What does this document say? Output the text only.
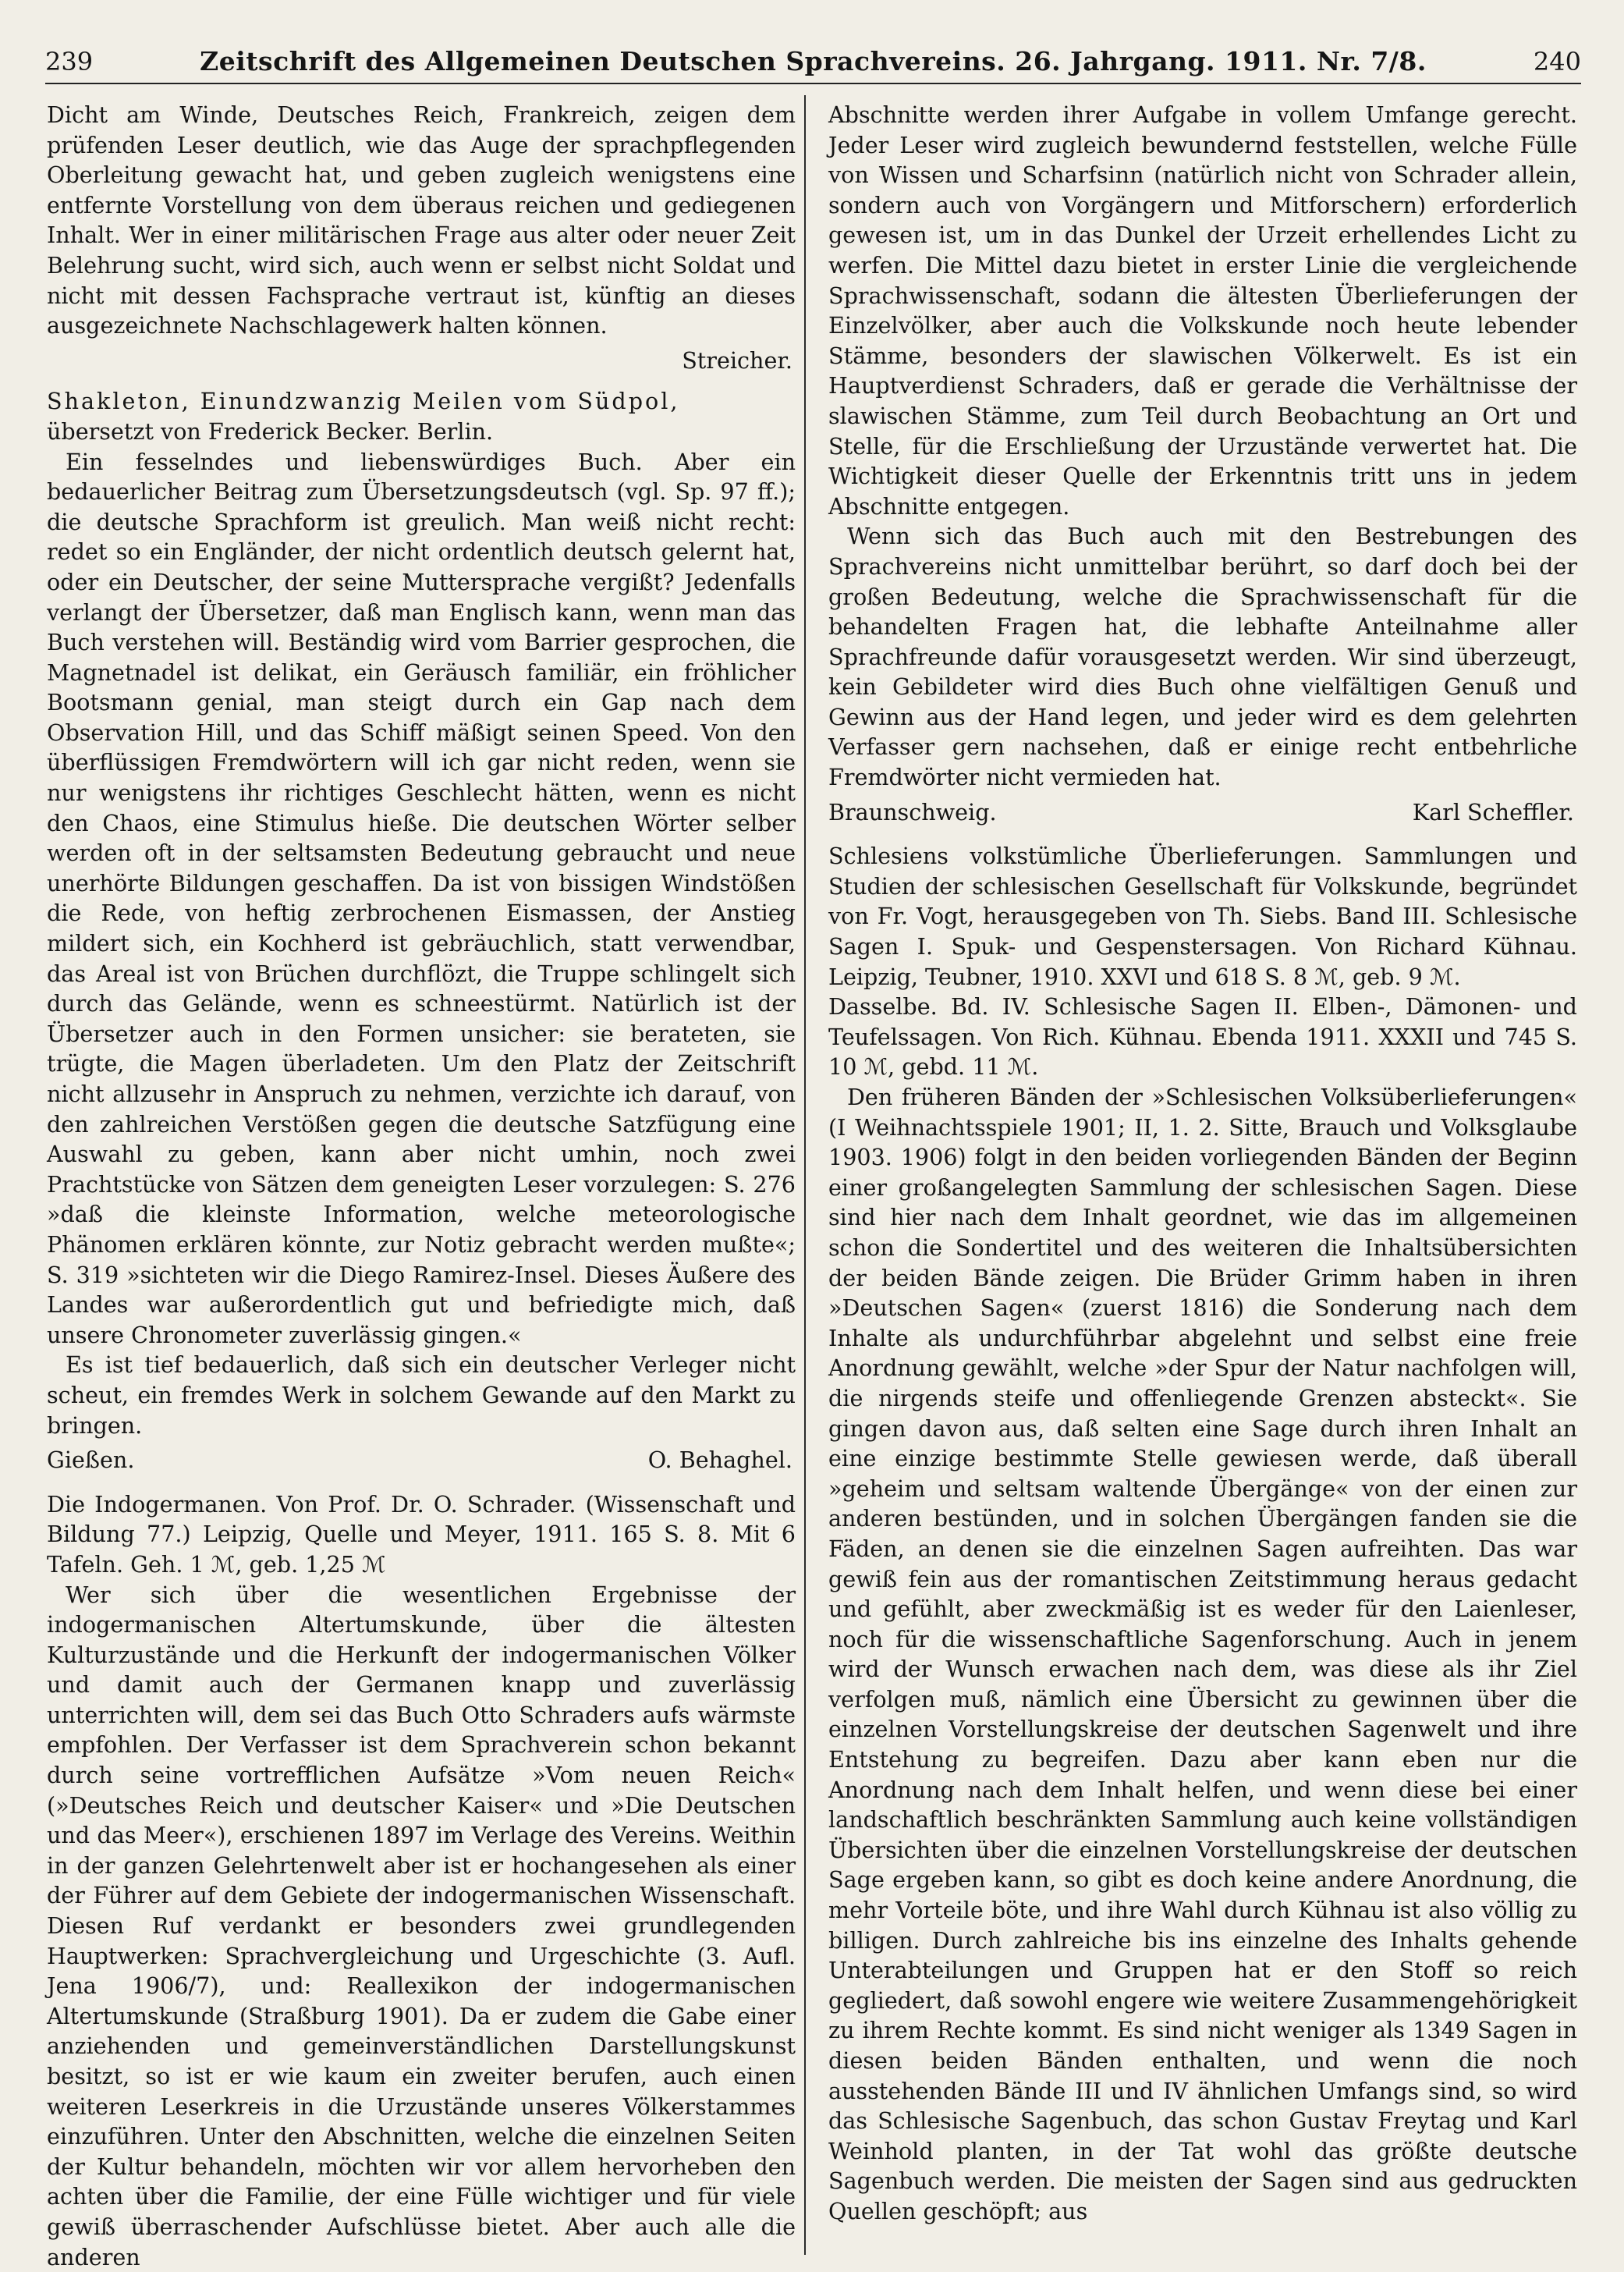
239	Zeitschrift des Allgemeinen Deutschen Sprachvereins. 26. Jahrgang. 1911. Nr. 7/8.	240

Dicht am Winde, Deutsches Reich, Frankreich, zeigen dem prüfenden Leser deutlich, wie das Auge der sprachpflegenden Oberleitung gewacht hat, und geben zugleich wenigstens eine entfernte Vorstellung von dem überaus reichen und gediegenen Inhalt. Wer in einer militärischen Frage aus alter oder neuer Zeit Belehrung sucht, wird sich, auch wenn er selbst nicht Soldat und nicht mit dessen Fachsprache vertraut ist, künftig an dieses ausgezeichnete Nachschlagewerk halten können.

Streicher.

Shakleton, Einundzwanzig Meilen vom Südpol,
übersetzt von Frederick Becker. Berlin.

Ein fesselndes und liebenswürdiges Buch. Aber ein bedauerlicher Beitrag zum Übersetzungsdeutsch (vgl. Sp. 97 ff.); die deutsche Sprachform ist greulich. Man weiß nicht recht: redet so ein Engländer, der nicht ordentlich deutsch gelernt hat, oder ein Deutscher, der seine Muttersprache vergißt? Jedenfalls verlangt der Übersetzer, daß man Englisch kann, wenn man das Buch verstehen will. Beständig wird vom Barrier gesprochen, die Magnetnadel ist delikat, ein Geräusch familiär, ein fröhlicher Bootsmann genial, man steigt durch ein Gap nach dem Observation Hill, und das Schiff mäßigt seinen Speed. Von den überflüssigen Fremdwörtern will ich gar nicht reden, wenn sie nur wenigstens ihr richtiges Geschlecht hätten, wenn es nicht den Chaos, eine Stimulus hieße. Die deutschen Wörter selber werden oft in der seltsamsten Bedeutung gebraucht und neue unerhörte Bildungen geschaffen. Da ist von bissigen Windstößen die Rede, von heftig zerbrochenen Eismassen, der Anstieg mildert sich, ein Kochherd ist gebräuchlich, statt verwendbar, das Areal ist von Brüchen durchflözt, die Truppe schlingelt sich durch das Gelände, wenn es schneestürmt. Natürlich ist der Übersetzer auch in den Formen unsicher: sie berateten, sie trügte, die Magen überladeten. Um den Platz der Zeitschrift nicht allzusehr in Anspruch zu nehmen, verzichte ich darauf, von den zahlreichen Verstößen gegen die deutsche Satzfügung eine Auswahl zu geben, kann aber nicht umhin, noch zwei Prachtstücke von Sätzen dem geneigten Leser vorzulegen: S. 276 »daß die kleinste Information, welche meteorologische Phänomen erklären könnte, zur Notiz gebracht werden mußte«; S. 319 »sichteten wir die Diego Ramirez-Insel. Dieses Äußere des Landes war außerordentlich gut und befriedigte mich, daß unsere Chronometer zuverlässig gingen.«

Es ist tief bedauerlich, daß sich ein deutscher Verleger nicht scheut, ein fremdes Werk in solchem Gewande auf den Markt zu bringen.

Gießen.	O. Behaghel.

Die Indogermanen. Von Prof. Dr. O. Schrader. (Wissenschaft und Bildung 77.) Leipzig, Quelle und Meyer, 1911. 165 S. 8. Mit 6 Tafeln. Geh. 1 ℳ, geb. 1,25 ℳ

Wer sich über die wesentlichen Ergebnisse der indogermanischen Altertumskunde, über die ältesten Kulturzustände und die Herkunft der indogermanischen Völker und damit auch der Germanen knapp und zuverlässig unterrichten will, dem sei das Buch Otto Schraders aufs wärmste empfohlen. Der Verfasser ist dem Sprachverein schon bekannt durch seine vortrefflichen Aufsätze »Vom neuen Reich« (»Deutsches Reich und deutscher Kaiser« und »Die Deutschen und das Meer«), erschienen 1897 im Verlage des Vereins. Weithin in der ganzen Gelehrtenwelt aber ist er hochangesehen als einer der Führer auf dem Gebiete der indogermanischen Wissenschaft. Diesen Ruf verdankt er besonders zwei grundlegenden Hauptwerken: Sprachvergleichung und Urgeschichte (3. Aufl. Jena 1906/7), und: Reallexikon der indogermanischen Altertumskunde (Straßburg 1901). Da er zudem die Gabe einer anziehenden und gemeinverständlichen Darstellungskunst besitzt, so ist er wie kaum ein zweiter berufen, auch einen weiteren Leserkreis in die Urzustände unseres Völkerstammes einzuführen. Unter den Abschnitten, welche die einzelnen Seiten der Kultur behandeln, möchten wir vor allem hervorheben den achten über die Familie, der eine Fülle wichtiger und für viele gewiß überraschender Aufschlüsse bietet. Aber auch alle die anderen

Abschnitte werden ihrer Aufgabe in vollem Umfange gerecht. Jeder Leser wird zugleich bewundernd feststellen, welche Fülle von Wissen und Scharfsinn (natürlich nicht von Schrader allein, sondern auch von Vorgängern und Mitforschern) erforderlich gewesen ist, um in das Dunkel der Urzeit erhellendes Licht zu werfen. Die Mittel dazu bietet in erster Linie die vergleichende Sprachwissenschaft, sodann die ältesten Überlieferungen der Einzelvölker, aber auch die Volkskunde noch heute lebender Stämme, besonders der slawischen Völkerwelt. Es ist ein Hauptverdienst Schraders, daß er gerade die Verhältnisse der slawischen Stämme, zum Teil durch Beobachtung an Ort und Stelle, für die Erschließung der Urzustände verwertet hat. Die Wichtigkeit dieser Quelle der Erkenntnis tritt uns in jedem Abschnitte entgegen.

Wenn sich das Buch auch mit den Bestrebungen des Sprachvereins nicht unmittelbar berührt, so darf doch bei der großen Bedeutung, welche die Sprachwissenschaft für die behandelten Fragen hat, die lebhafte Anteilnahme aller Sprachfreunde dafür vorausgesetzt werden. Wir sind überzeugt, kein Gebildeter wird dies Buch ohne vielfältigen Genuß und Gewinn aus der Hand legen, und jeder wird es dem gelehrten Verfasser gern nachsehen, daß er einige recht entbehrliche Fremdwörter nicht vermieden hat.

Braunschweig.	Karl Scheffler.

Schlesiens volkstümliche Überlieferungen. Sammlungen und Studien der schlesischen Gesellschaft für Volkskunde, begründet von Fr. Vogt, herausgegeben von Th. Siebs. Band III. Schlesische Sagen I. Spuk- und Gespenstersagen. Von Richard Kühnau. Leipzig, Teubner, 1910. XXVI und 618 S. 8 ℳ, geb. 9 ℳ.

Dasselbe. Bd. IV. Schlesische Sagen II. Elben-, Dämonen- und Teufelssagen. Von Rich. Kühnau. Ebenda 1911. XXXII und 745 S. 10 ℳ, gebd. 11 ℳ.

Den früheren Bänden der »Schlesischen Volksüberlieferungen« (I Weihnachtsspiele 1901; II, 1. 2. Sitte, Brauch und Volksglaube 1903. 1906) folgt in den beiden vorliegenden Bänden der Beginn einer großangelegten Sammlung der schlesischen Sagen. Diese sind hier nach dem Inhalt geordnet, wie das im allgemeinen schon die Sondertitel und des weiteren die Inhaltsübersichten der beiden Bände zeigen. Die Brüder Grimm haben in ihren »Deutschen Sagen« (zuerst 1816) die Sonderung nach dem Inhalte als undurchführbar abgelehnt und selbst eine freie Anordnung gewählt, welche »der Spur der Natur nachfolgen will, die nirgends steife und offenliegende Grenzen absteckt«. Sie gingen davon aus, daß selten eine Sage durch ihren Inhalt an eine einzige bestimmte Stelle gewiesen werde, daß überall »geheim und seltsam waltende Übergänge« von der einen zur anderen bestünden, und in solchen Übergängen fanden sie die Fäden, an denen sie die einzelnen Sagen aufreihten. Das war gewiß fein aus der romantischen Zeitstimmung heraus gedacht und gefühlt, aber zweckmäßig ist es weder für den Laienleser, noch für die wissenschaftliche Sagenforschung. Auch in jenem wird der Wunsch erwachen nach dem, was diese als ihr Ziel verfolgen muß, nämlich eine Übersicht zu gewinnen über die einzelnen Vorstellungskreise der deutschen Sagenwelt und ihre Entstehung zu begreifen. Dazu aber kann eben nur die Anordnung nach dem Inhalt helfen, und wenn diese bei einer landschaftlich beschränkten Sammlung auch keine vollständigen Übersichten über die einzelnen Vorstellungskreise der deutschen Sage ergeben kann, so gibt es doch keine andere Anordnung, die mehr Vorteile böte, und ihre Wahl durch Kühnau ist also völlig zu billigen. Durch zahlreiche bis ins einzelne des Inhalts gehende Unterabteilungen und Gruppen hat er den Stoff so reich gegliedert, daß sowohl engere wie weitere Zusammengehörigkeit zu ihrem Rechte kommt. Es sind nicht weniger als 1349 Sagen in diesen beiden Bänden enthalten, und wenn die noch ausstehenden Bände III und IV ähnlichen Umfangs sind, so wird das Schlesische Sagenbuch, das schon Gustav Freytag und Karl Weinhold planten, in der Tat wohl das größte deutsche Sagenbuch werden. Die meisten der Sagen sind aus gedruckten Quellen geschöpft; aus
